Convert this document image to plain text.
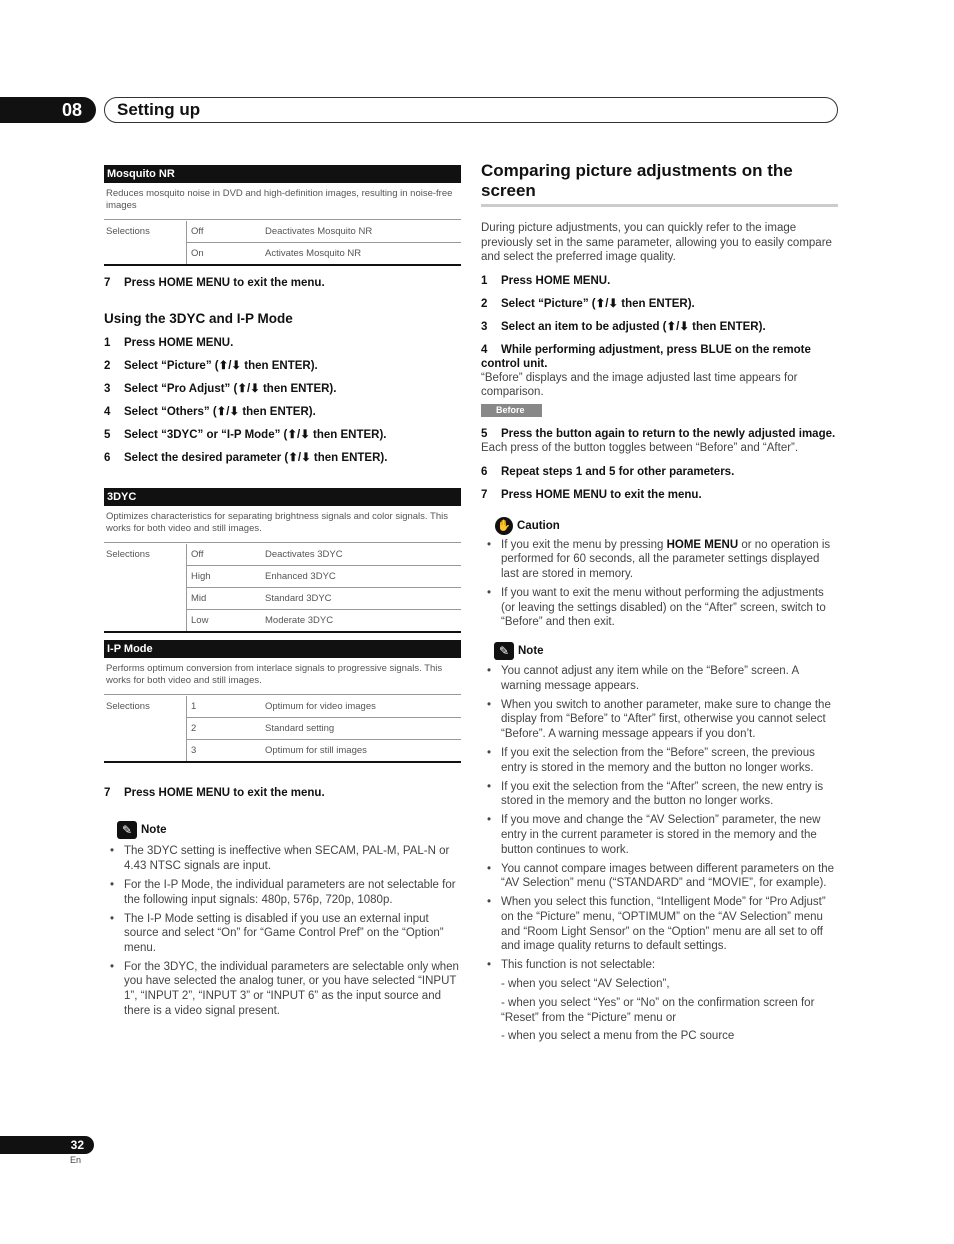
08	Setting up
Mosquito NR
Reduces mosquito noise in DVD and high-definition images, resulting in noise-free images
Selections	Off	Deactivates Mosquito NR
	On	Activates Mosquito NR
7 Press HOME MENU to exit the menu.
Using the 3DYC and I-P Mode
1 Press HOME MENU.
2 Select “Picture” (⬆/⬇ then ENTER).
3 Select “Pro Adjust” (⬆/⬇ then ENTER).
4 Select “Others” (⬆/⬇ then ENTER).
5 Select “3DYC” or “I-P Mode” (⬆/⬇ then ENTER).
6 Select the desired parameter (⬆/⬇ then ENTER).
3DYC
Optimizes characteristics for separating brightness signals and color signals. This works for both video and still images.
Selections	Off	Deactivates 3DYC
	High	Enhanced 3DYC
	Mid	Standard 3DYC
	Low	Moderate 3DYC
I-P Mode
Performs optimum conversion from interlace signals to progressive signals. This works for both video and still images.
Selections	1	Optimum for video images
	2	Standard setting
	3	Optimum for still images
7 Press HOME MENU to exit the menu.
✎ Note
• The 3DYC setting is ineffective when SECAM, PAL-M, PAL-N or 4.43 NTSC signals are input.
• For the I-P Mode, the individual parameters are not selectable for the following input signals: 480p, 576p, 720p, 1080p.
• The I-P Mode setting is disabled if you use an external input source and select “On” for “Game Control Pref” on the “Option” menu.
• For the 3DYC, the individual parameters are selectable only when you have selected the analog tuner, or you have selected “INPUT 1”, “INPUT 2”, “INPUT 3” or “INPUT 6” as the input source and there is a video signal present.
Comparing picture adjustments on the screen
During picture adjustments, you can quickly refer to the image previously set in the same parameter, allowing you to easily compare and select the preferred image quality.
1 Press HOME MENU.
2 Select “Picture” (⬆/⬇ then ENTER).
3 Select an item to be adjusted (⬆/⬇ then ENTER).
4 While performing adjustment, press BLUE on the remote control unit.
“Before” displays and the image adjusted last time appears for comparison.
Before
5 Press the button again to return to the newly adjusted image.
Each press of the button toggles between “Before” and “After”.
6 Repeat steps 1 and 5 for other parameters.
7 Press HOME MENU to exit the menu.
✋ Caution
• If you exit the menu by pressing HOME MENU or no operation is performed for 60 seconds, all the parameter settings displayed last are stored in memory.
• If you want to exit the menu without performing the adjustments (or leaving the settings disabled) on the “After” screen, switch to “Before” and then exit.
✎ Note
• You cannot adjust any item while on the “Before” screen. A warning message appears.
• When you switch to another parameter, make sure to change the display from “Before” to “After” first, otherwise you cannot select “Before”. A warning message appears if you don’t.
• If you exit the selection from the “Before” screen, the previous entry is stored in the memory and the button no longer works.
• If you exit the selection from the “After” screen, the new entry is stored in the memory and the button no longer works.
• If you move and change the “AV Selection” parameter, the new entry in the current parameter is stored in the memory and the button continues to work.
• You cannot compare images between different parameters on the “AV Selection” menu (“STANDARD” and “MOVIE”, for example).
• When you select this function, “Intelligent Mode” for “Pro Adjust” on the “Picture” menu, “OPTIMUM” on the “AV Selection” menu and “Room Light Sensor” on the “Option” menu are all set to off and image quality returns to default settings.
• This function is not selectable:
- when you select “AV Selection”,
- when you select “Yes” or “No” on the confirmation screen for “Reset” from the “Picture” menu or
- when you select a menu from the PC source
32
En
